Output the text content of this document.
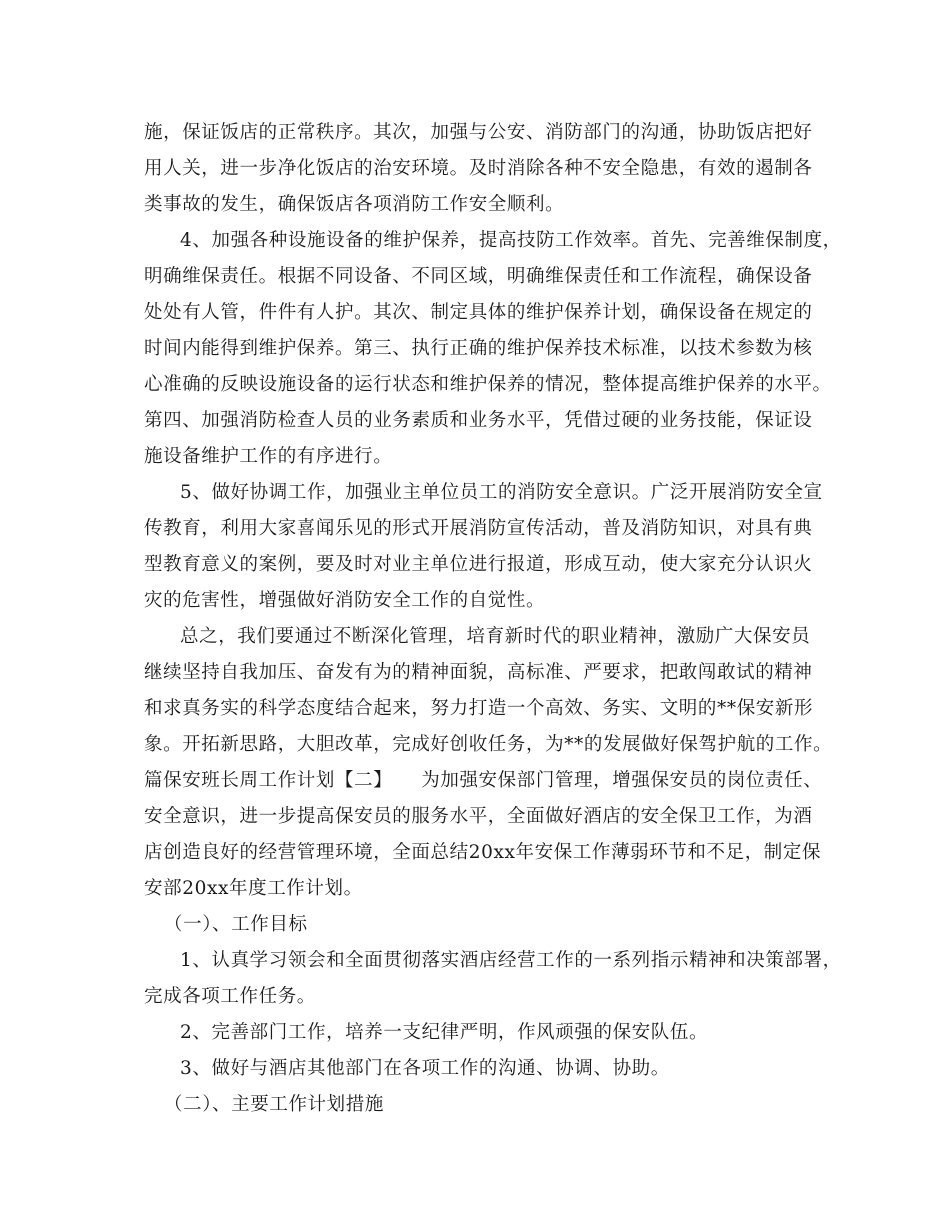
施，保证饭店的正常秩序。其次，加强与公安、消防部门的沟通，协助饭店把好
用人关，进一步净化饭店的治安环境。及时消除各种不安全隐患，有效的遏制各
类事故的发生，确保饭店各项消防工作安全顺利。
4、加强各种设施设备的维护保养，提高技防工作效率。首先、完善维保制度，
明确维保责任。根据不同设备、不同区域，明确维保责任和工作流程，确保设备
处处有人管，件件有人护。其次、制定具体的维护保养计划，确保设备在规定的
时间内能得到维护保养。第三、执行正确的维护保养技术标准，以技术参数为核
心准确的反映设施设备的运行状态和维护保养的情况，整体提高维护保养的水平。
第四、加强消防检查人员的业务素质和业务水平，凭借过硬的业务技能，保证设
施设备维护工作的有序进行。
5、做好协调工作，加强业主单位员工的消防安全意识。广泛开展消防安全宣
传教育，利用大家喜闻乐见的形式开展消防宣传活动，普及消防知识，对具有典
型教育意义的案例，要及时对业主单位进行报道，形成互动，使大家充分认识火
灾的危害性，增强做好消防安全工作的自觉性。
总之，我们要通过不断深化管理，培育新时代的职业精神，激励广大保安员
继续坚持自我加压、奋发有为的精神面貌，高标准、严要求，把敢闯敢试的精神
和求真务实的科学态度结合起来，努力打造一个高效、务实、文明的**保安新形
象。开拓新思路，大胆改革，完成好创收任务，为**的发展做好保驾护航的工作。
篇保安班长周工作计划【二】　　为加强安保部门管理，增强保安员的岗位责任、
安全意识，进一步提高保安员的服务水平，全面做好酒店的安全保卫工作，为酒
店创造良好的经营管理环境，全面总结20xx年安保工作薄弱环节和不足，制定保
安部20xx年度工作计划。
（一）、工作目标
1、认真学习领会和全面贯彻落实酒店经营工作的一系列指示精神和决策部署，
完成各项工作任务。
2、完善部门工作，培养一支纪律严明，作风顽强的保安队伍。
3、做好与酒店其他部门在各项工作的沟通、协调、协助。
（二）、主要工作计划措施
